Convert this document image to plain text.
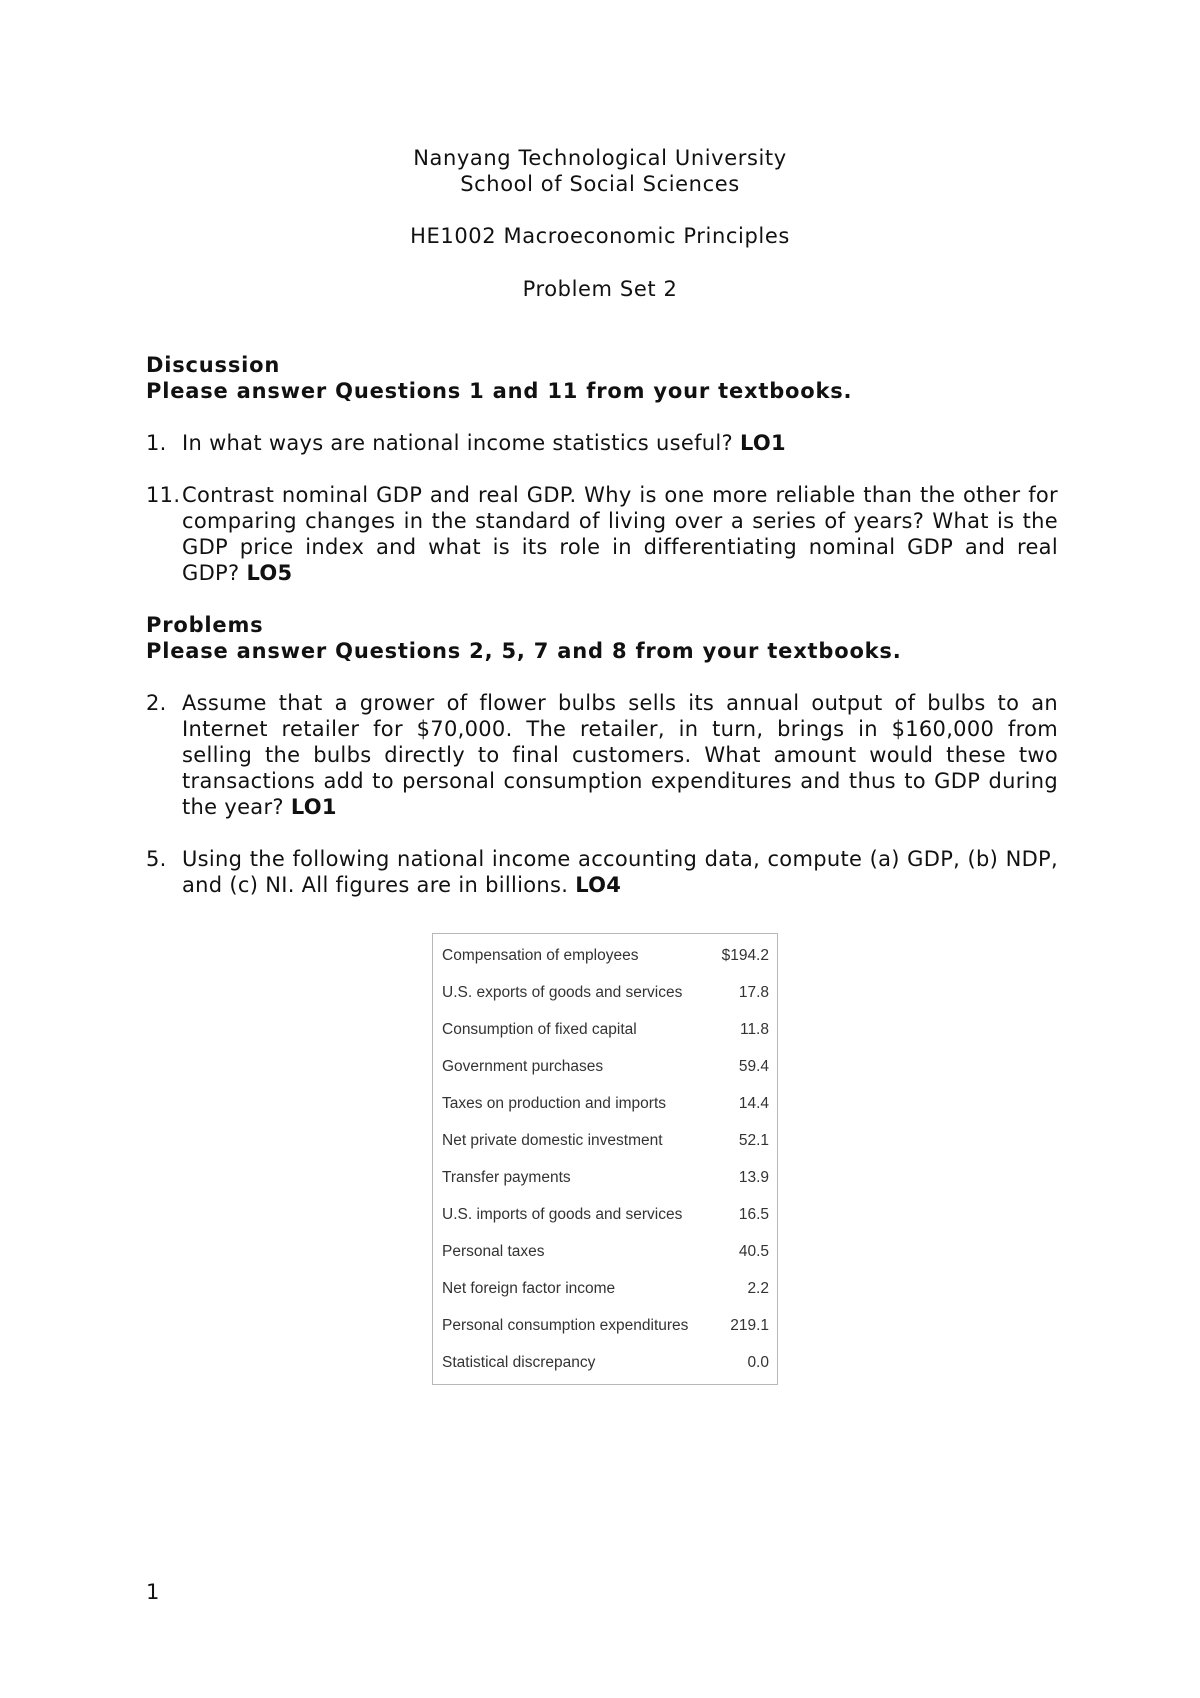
Nanyang Technological University
School of Social Sciences
HE1002 Macroeconomic Principles
Problem Set 2
Discussion
Please answer Questions 1 and 11 from your textbooks.
1. In what ways are national income statistics useful? LO1
11. Contrast nominal GDP and real GDP. Why is one more reliable than the other for comparing changes in the standard of living over a series of years? What is the GDP price index and what is its role in differentiating nominal GDP and real GDP? LO5
Problems
Please answer Questions 2, 5, 7 and 8 from your textbooks.
2. Assume that a grower of flower bulbs sells its annual output of bulbs to an Internet retailer for $70,000. The retailer, in turn, brings in $160,000 from selling the bulbs directly to final customers. What amount would these two transactions add to personal consumption expenditures and thus to GDP during the year? LO1
5. Using the following national income accounting data, compute (a) GDP, (b) NDP, and (c) NI. All figures are in billions. LO4
Compensation of employees	$194.2
U.S. exports of goods and services	17.8
Consumption of fixed capital	11.8
Government purchases	59.4
Taxes on production and imports	14.4
Net private domestic investment	52.1
Transfer payments	13.9
U.S. imports of goods and services	16.5
Personal taxes	40.5
Net foreign factor income	2.2
Personal consumption expenditures	219.1
Statistical discrepancy	0.0
1
